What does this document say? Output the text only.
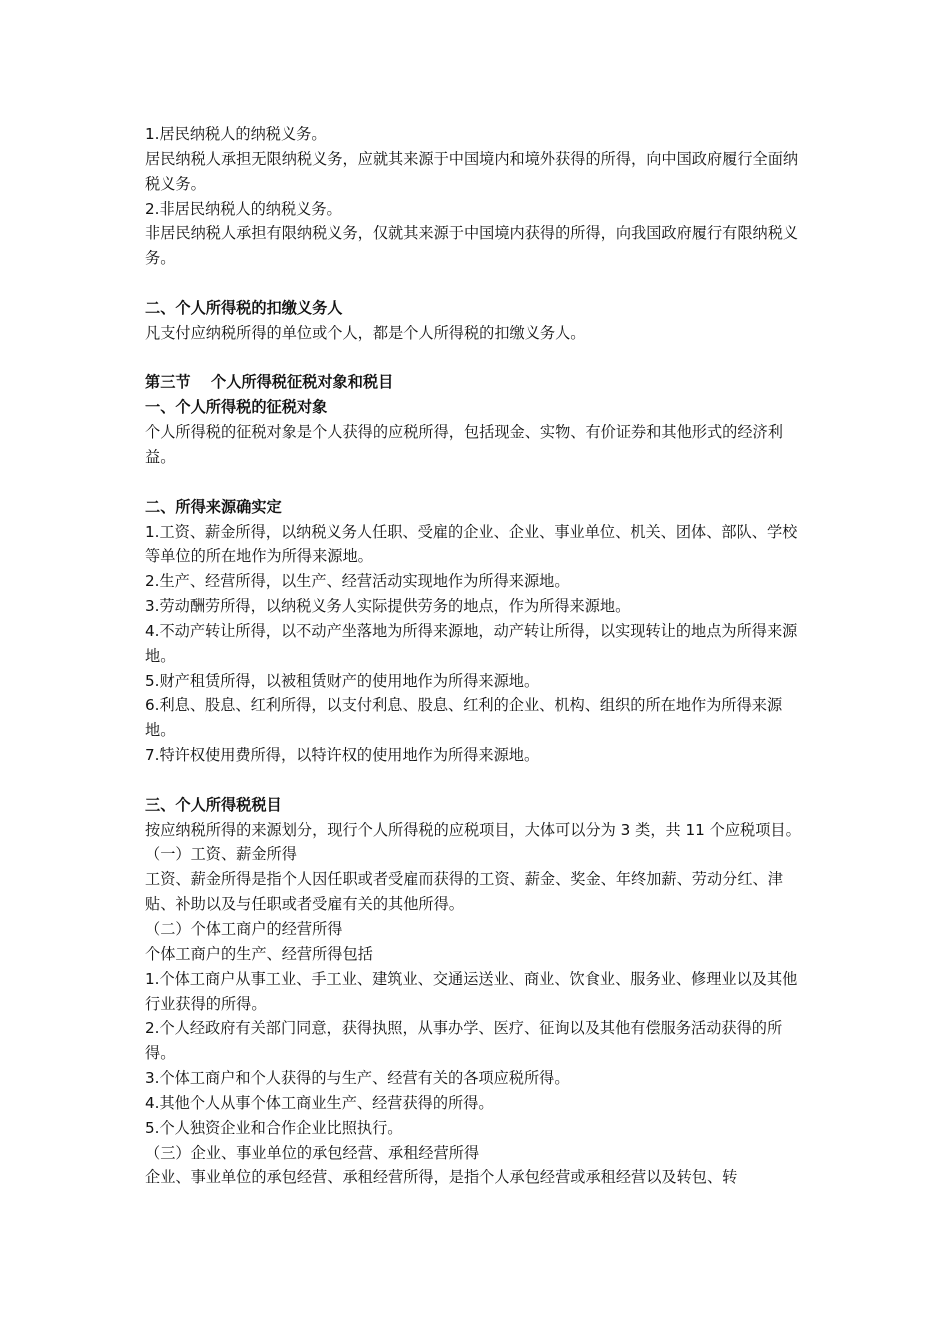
1.居民纳税人的纳税义务。

居民纳税人承担无限纳税义务，应就其来源于中国境内和境外获得的所得，向中国政府履行全面纳税义务。

2.非居民纳税人的纳税义务。

非居民纳税人承担有限纳税义务，仅就其来源于中国境内获得的所得，向我国政府履行有限纳税义务。

二、个人所得税的扣缴义务人

凡支付应纳税所得的单位或个人，都是个人所得税的扣缴义务人。

第三节　 个人所得税征税对象和税目

一、个人所得税的征税对象

个人所得税的征税对象是个人获得的应税所得，包括现金、实物、有价证券和其他形式的经济利益。

二、所得来源确实定

1.工资、薪金所得，以纳税义务人任职、受雇的企业、企业、事业单位、机关、团体、部队、学校等单位的所在地作为所得来源地。

2.生产、经营所得，以生产、经营活动实现地作为所得来源地。

3.劳动酬劳所得，以纳税义务人实际提供劳务的地点，作为所得来源地。

4.不动产转让所得，以不动产坐落地为所得来源地，动产转让所得，以实现转让的地点为所得来源地。

5.财产租赁所得，以被租赁财产的使用地作为所得来源地。

6.利息、股息、红利所得，以支付利息、股息、红利的企业、机构、组织的所在地作为所得来源地。

7.特许权使用费所得，以特许权的使用地作为所得来源地。

三、个人所得税税目

按应纳税所得的来源划分，现行个人所得税的应税项目，大体可以分为 3 类，共 11 个应税项目。

（一）工资、薪金所得

工资、薪金所得是指个人因任职或者受雇而获得的工资、薪金、奖金、年终加薪、劳动分红、津贴、补助以及与任职或者受雇有关的其他所得。

（二）个体工商户的经营所得

个体工商户的生产、经营所得包括

1.个体工商户从事工业、手工业、建筑业、交通运送业、商业、饮食业、服务业、修理业以及其他行业获得的所得。

2.个人经政府有关部门同意，获得执照，从事办学、医疗、征询以及其他有偿服务活动获得的所得。

3.个体工商户和个人获得的与生产、经营有关的各项应税所得。

4.其他个人从事个体工商业生产、经营获得的所得。

5.个人独资企业和合作企业比照执行。

（三）企业、事业单位的承包经营、承租经营所得

企业、事业单位的承包经营、承租经营所得，是指个人承包经营或承租经营以及转包、转
